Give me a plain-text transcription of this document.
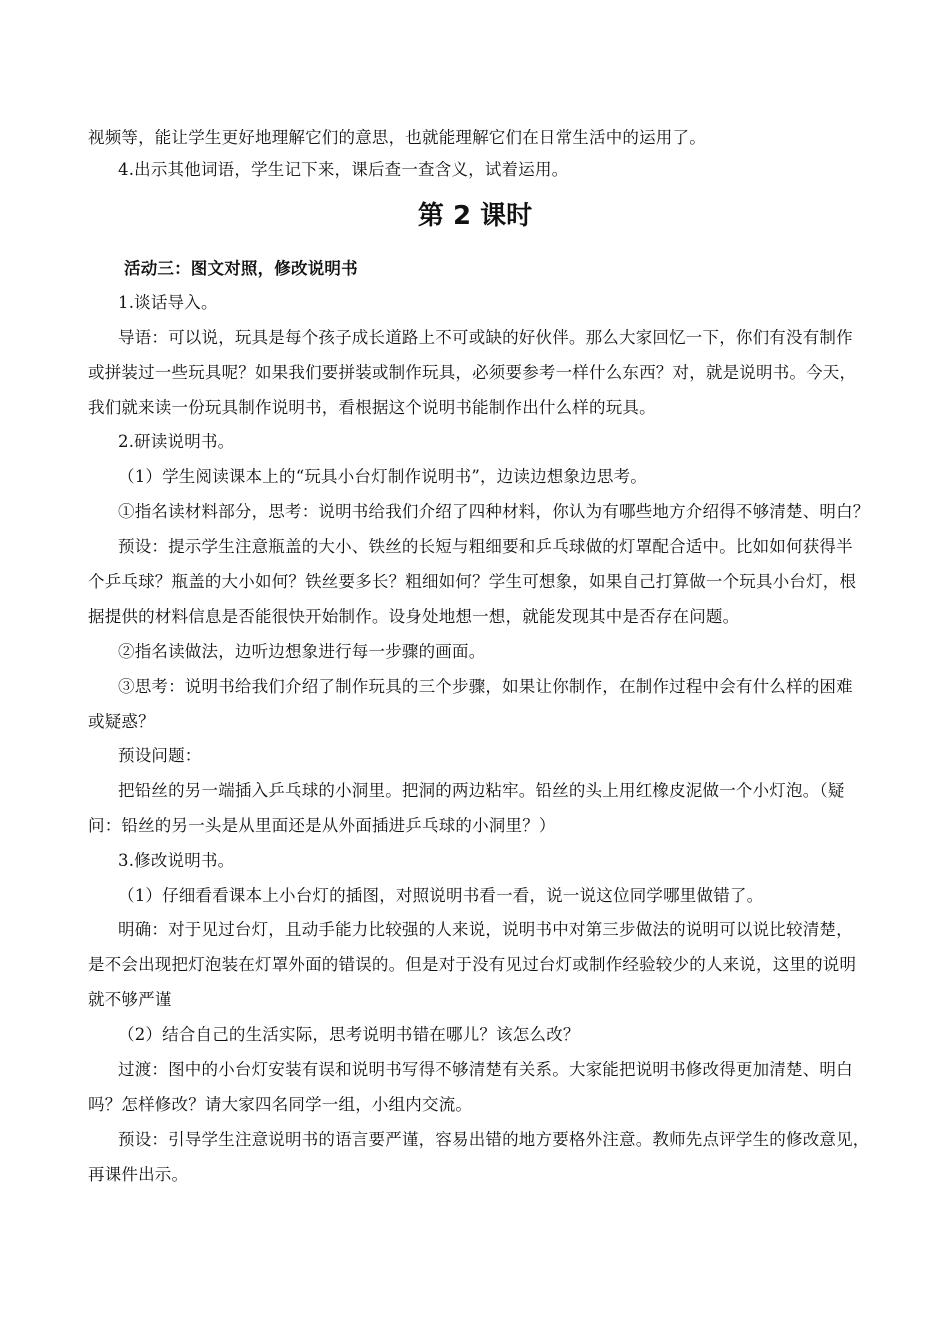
视频等，能让学生更好地理解它们的意思，也就能理解它们在日常生活中的运用了。
4.出示其他词语，学生记下来，课后查一查含义，试着运用。
第 2 课时
活动三：图文对照，修改说明书
1.谈话导入。
导语：可以说，玩具是每个孩子成长道路上不可或缺的好伙伴。那么大家回忆一下，你们有没有制作
或拼装过一些玩具呢？如果我们要拼装或制作玩具，必须要参考一样什么东西？对，就是说明书。今天，
我们就来读一份玩具制作说明书，看根据这个说明书能制作出什么样的玩具。
2.研读说明书。
（1）学生阅读课本上的“玩具小台灯制作说明书”，边读边想象边思考。
①指名读材料部分，思考：说明书给我们介绍了四种材料，你认为有哪些地方介绍得不够清楚、明白？
预设：提示学生注意瓶盖的大小、铁丝的长短与粗细要和乒乓球做的灯罩配合适中。比如如何获得半
个乒乓球？瓶盖的大小如何？铁丝要多长？粗细如何？学生可想象，如果自己打算做一个玩具小台灯，根
据提供的材料信息是否能很快开始制作。设身处地想一想，就能发现其中是否存在问题。
②指名读做法，边听边想象进行每一步骤的画面。
③思考：说明书给我们介绍了制作玩具的三个步骤，如果让你制作，在制作过程中会有什么样的困难
或疑惑？
预设问题：
把铅丝的另一端插入乒乓球的小洞里。把洞的两边粘牢。铅丝的头上用红橡皮泥做一个小灯泡。（疑
问：铅丝的另一头是从里面还是从外面插进乒乓球的小洞里？）
3.修改说明书。
（1）仔细看看课本上小台灯的插图，对照说明书看一看，说一说这位同学哪里做错了。
明确：对于见过台灯，且动手能力比较强的人来说，说明书中对第三步做法的说明可以说比较清楚，
是不会出现把灯泡装在灯罩外面的错误的。但是对于没有见过台灯或制作经验较少的人来说，这里的说明
就不够严谨
（2）结合自己的生活实际，思考说明书错在哪儿？该怎么改？
过渡：图中的小台灯安装有误和说明书写得不够清楚有关系。大家能把说明书修改得更加清楚、明白
吗？怎样修改？请大家四名同学一组，小组内交流。
预设：引导学生注意说明书的语言要严谨，容易出错的地方要格外注意。教师先点评学生的修改意见，
再课件出示。
